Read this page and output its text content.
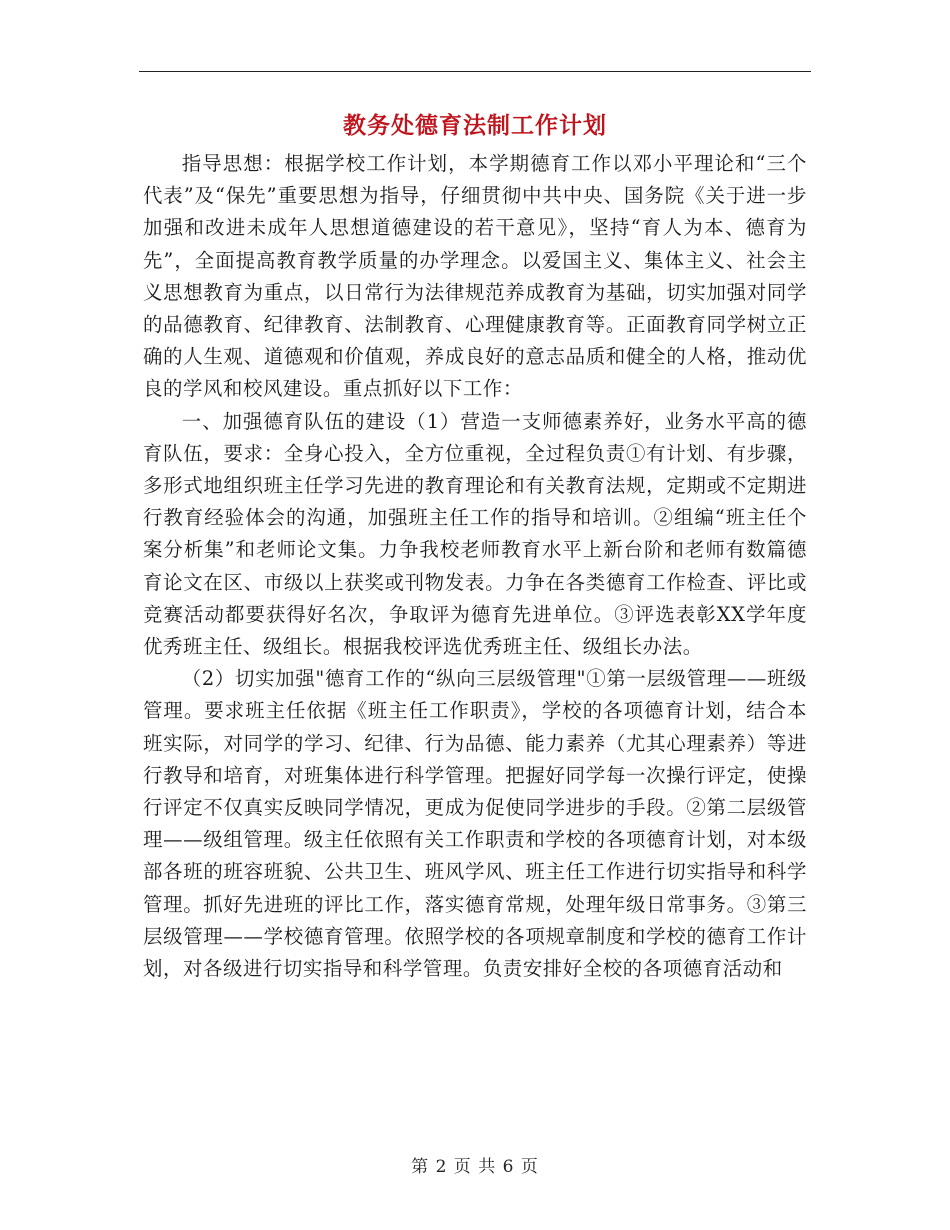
教务处德育法制工作计划

指导思想：根据学校工作计划，本学期德育工作以邓小平理论和“三个代表”及“保先”重要思想为指导，仔细贯彻中共中央、国务院《关于进一步加强和改进未成年人思想道德建设的若干意见》，坚持“育人为本、德育为先”，全面提高教育教学质量的办学理念。以爱国主义、集体主义、社会主义思想教育为重点，以日常行为法律规范养成教育为基础，切实加强对同学的品德教育、纪律教育、法制教育、心理健康教育等。正面教育同学树立正确的人生观、道德观和价值观，养成良好的意志品质和健全的人格，推动优良的学风和校风建设。重点抓好以下工作：

一、加强德育队伍的建设（1）营造一支师德素养好，业务水平高的德育队伍，要求：全身心投入，全方位重视，全过程负责①有计划、有步骤，多形式地组织班主任学习先进的教育理论和有关教育法规，定期或不定期进行教育经验体会的沟通，加强班主任工作的指导和培训。②组编“班主任个案分析集”和老师论文集。力争我校老师教育水平上新台阶和老师有数篇德育论文在区、市级以上获奖或刊物发表。力争在各类德育工作检查、评比或竞赛活动都要获得好名次，争取评为德育先进单位。③评选表彰XX学年度优秀班主任、级组长。根据我校评选优秀班主任、级组长办法。

（2）切实加强"德育工作的“纵向三层级管理"①第一层级管理——班级管理。要求班主任依据《班主任工作职责》，学校的各项德育计划，结合本班实际，对同学的学习、纪律、行为品德、能力素养（尤其心理素养）等进行教导和培育，对班集体进行科学管理。把握好同学每一次操行评定，使操行评定不仅真实反映同学情况，更成为促使同学进步的手段。②第二层级管理——级组管理。级主任依照有关工作职责和学校的各项德育计划，对本级部各班的班容班貌、公共卫生、班风学风、班主任工作进行切实指导和科学管理。抓好先进班的评比工作，落实德育常规，处理年级日常事务。③第三层级管理——学校德育管理。依照学校的各项规章制度和学校的德育工作计划，对各级进行切实指导和科学管理。负责安排好全校的各项德育活动和

第 2 页 共 6 页
